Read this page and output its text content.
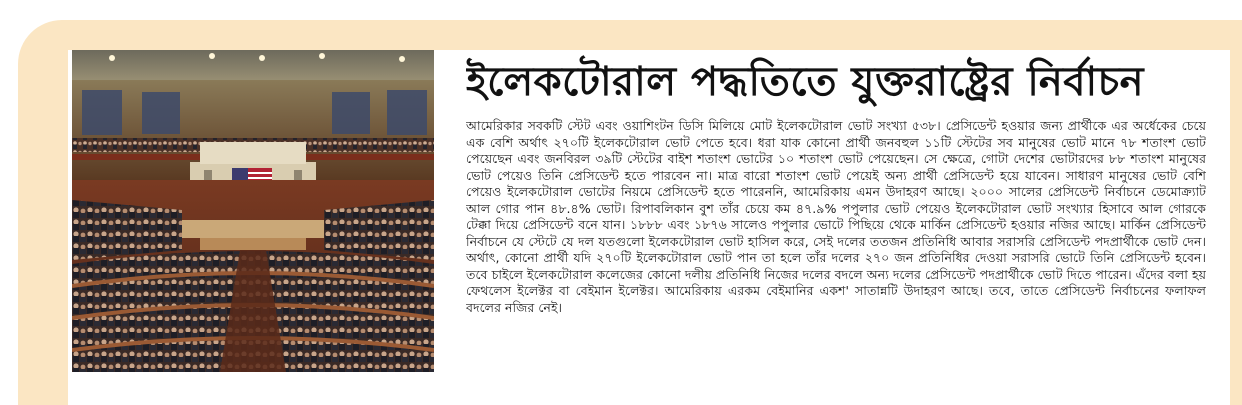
ইলেকটোরাল পদ্ধতিতে যুক্তরাষ্ট্রের নির্বাচন

আমেরিকার সবকটি স্টেট এবং ওয়াশিংটন ডিসি মিলিয়ে মোট ইলেকটোরাল ভোট সংখ্যা ৫৩৮। প্রেসিডেন্ট হওয়ার জন্য প্রার্থীকে এর অর্ধেকের চেয়ে এক বেশি অর্থাৎ ২৭০টি ইলেকটোরাল ভোট পেতে হবে। ধরা যাক কোনো প্রার্থী জনবহুল ১১টি স্টেটের সব মানুষের ভোট মানে ৭৮ শতাংশ ভোট পেয়েছেন এবং জনবিরল ৩৯টি স্টেটের বাইশ শতাংশ ভোটের ১০ শতাংশ ভোট পেয়েছেন। সে ক্ষেত্রে, গোটা দেশের ভোটারদের ৮৮ শতাংশ মানুষের ভোট পেয়েও তিনি প্রেসিডেন্ট হতে পারবেন না। মাত্র বারো শতাংশ ভোট পেয়েই অন্য প্রার্থী প্রেসিডেন্ট হয়ে যাবেন। সাধারণ মানুষের ভোট বেশি পেয়েও ইলেকটোরাল ভোটের নিয়মে প্রেসিডেন্ট হতে পারেননি, আমেরিকায় এমন উদাহরণ আছে। ২০০০ সালের প্রেসিডেন্ট নির্বাচনে ডেমোক্র্যাট আল গোর পান ৪৮.৪% ভোট। রিপাবলিকান বুশ তাঁর চেয়ে কম ৪৭.৯% পপুলার ভোট পেয়েও ইলেকটোরাল ভোট সংখ্যার হিসাবে আল গোরকে টেক্কা দিয়ে প্রেসিডেন্ট বনে যান। ১৮৮৮ এবং ১৮৭৬ সালেও পপুলার ভোটে পিছিয়ে থেকে মার্কিন প্রেসিডেন্ট হওয়ার নজির আছে। মার্কিন প্রেসিডেন্ট নির্বাচনে যে স্টেটে যে দল যতগুলো ইলেকটোরাল ভোট হাসিল করে, সেই দলের ততজন প্রতিনিধি আবার সরাসরি প্রেসিডেন্ট পদপ্রার্থীকে ভোট দেন। অর্থাৎ, কোনো প্রার্থী যদি ২৭০টি ইলেকটোরাল ভোট পান তা হলে তাঁর দলের ২৭০ জন প্রতিনিধির দেওয়া সরাসরি ভোটে তিনি প্রেসিডেন্ট হবেন। তবে চাইলে ইলেকটোরাল কলেজের কোনো দলীয় প্রতিনিধি নিজের দলের বদলে অন্য দলের প্রেসিডেন্ট পদপ্রার্থীকে ভোট দিতে পারেন। এঁদের বলা হয় ফেথলেস ইলেক্টর বা বেইমান ইলেক্টর। আমেরিকায় এরকম বেইমানির একশ' সাতান্নটি উদাহরণ আছে। তবে, তাতে প্রেসিডেন্ট নির্বাচনের ফলাফল বদলের নজির নেই।
